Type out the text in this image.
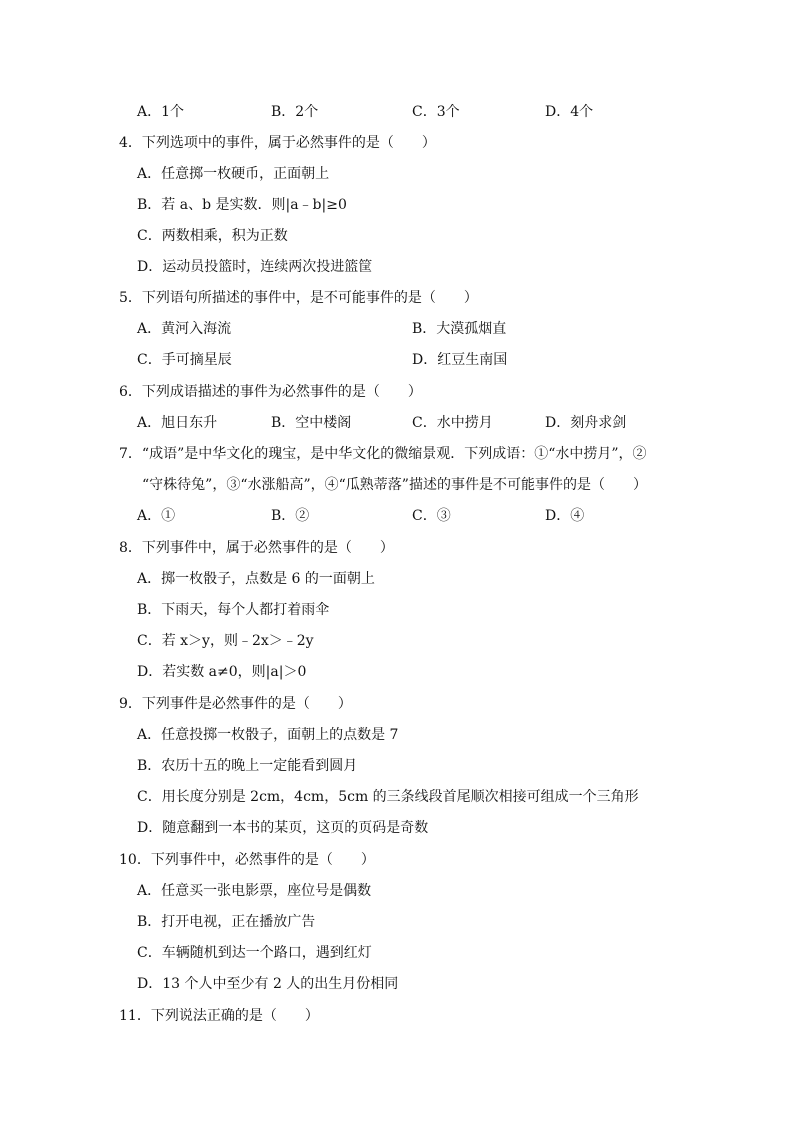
A．1个	B．2个	C．3个	D．4个
4．下列选项中的事件，属于必然事件的是（　　）
A．任意掷一枚硬币，正面朝上
B．若 a、b 是实数．则|a﹣b|≥0
C．两数相乘，积为正数
D．运动员投篮时，连续两次投进篮筐
5．下列语句所描述的事件中，是不可能事件的是（　　）
A．黄河入海流	B．大漠孤烟直
C．手可摘星辰	D．红豆生南国
6．下列成语描述的事件为必然事件的是（　　）
A．旭日东升	B．空中楼阁	C．水中捞月	D．刻舟求剑
7．“成语”是中华文化的瑰宝，是中华文化的微缩景观．下列成语：①“水中捞月”，②
“守株待兔”，③“水涨船高”，④“瓜熟蒂落”描述的事件是不可能事件的是（　　）
A．①	B．②	C．③	D．④
8．下列事件中，属于必然事件的是（　　）
A．掷一枚骰子，点数是 6 的一面朝上
B．下雨天，每个人都打着雨伞
C．若 x＞y，则﹣2x＞﹣2y
D．若实数 a≠0，则|a|＞0
9．下列事件是必然事件的是（　　）
A．任意投掷一枚骰子，面朝上的点数是 7
B．农历十五的晚上一定能看到圆月
C．用长度分别是 2cm，4cm，5cm 的三条线段首尾顺次相接可组成一个三角形
D．随意翻到一本书的某页，这页的页码是奇数
10．下列事件中，必然事件的是（　　）
A．任意买一张电影票，座位号是偶数
B．打开电视，正在播放广告
C．车辆随机到达一个路口，遇到红灯
D．13 个人中至少有 2 人的出生月份相同
11．下列说法正确的是（　　）
